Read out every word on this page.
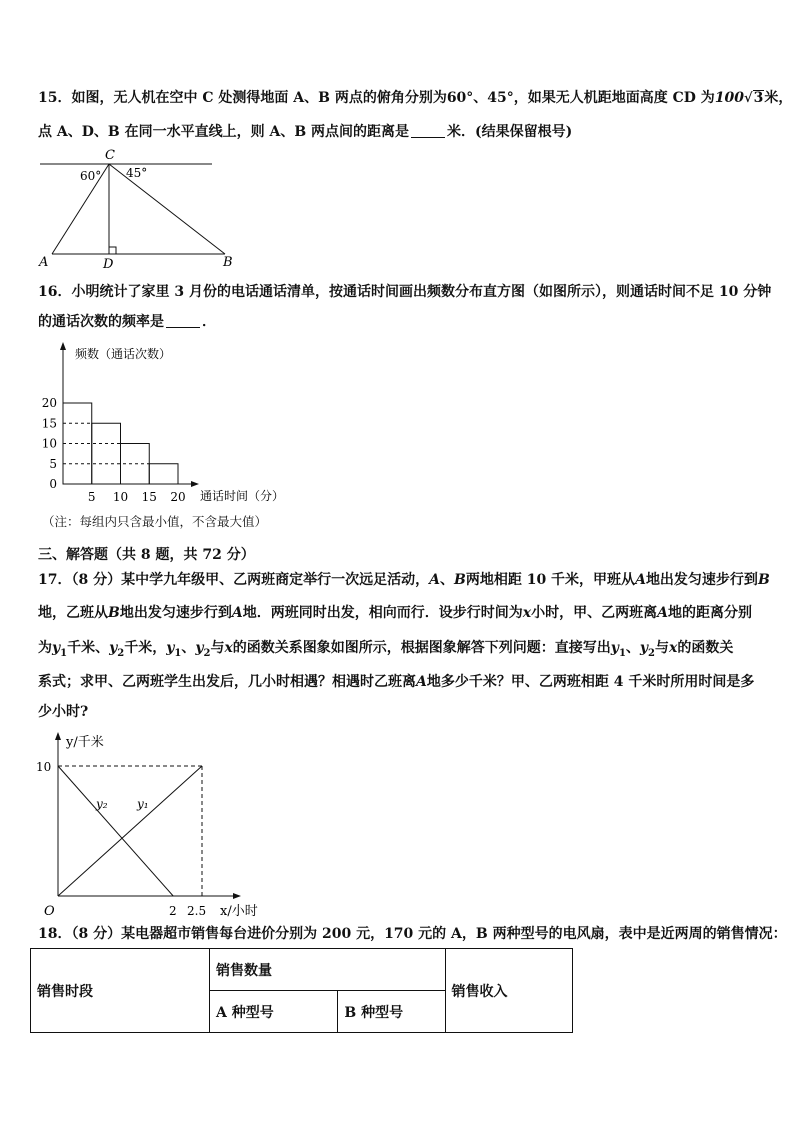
15．如图，无人机在空中 C 处测得地面 A、B 两点的俯角分别为60°、45°，如果无人机距地面高度 CD 为100√3米，
点 A、D、B 在同一水平直线上，则 A、B 两点间的距离是	米．(结果保留根号)
C
60° 45°
A	D	B
16．小明统计了家里 3 月份的电话通话清单，按通话时间画出频数分布直方图（如图所示），则通话时间不足 10 分钟
的通话次数的频率是	．
频数（通话次数）
通话时间（分）
0
5
10
15
20
5 10 15 20
（注：每组内只含最小值，不含最大值）
三、解答题（共 8 题，共 72 分）
17．（8 分）某中学九年级甲、乙两班商定举行一次远足活动，A、B两地相距 10 千米，甲班从A地出发匀速步行到B
地，乙班从B地出发匀速步行到A地．两班同时出发，相向而行．设步行时间为x小时，甲、乙两班离A地的距离分别
为$y_1$千米、$y_2$千米，$y_1$、$y_2$与x的函数关系图象如图所示，根据图象解答下列问题：直接写出$y_1$、$y_2$与x的函数关
系式；求甲、乙两班学生出发后，几小时相遇？相遇时乙班离A地多少千米？甲、乙两班相距 4 千米时所用时间是多
少小时?
y/千米
x/小时
O
10
2 2.5
y₂ y₁
18．（8 分）某电器超市销售每台进价分别为 200 元，170 元的 A，B 两种型号的电风扇，表中是近两周的销售情况：
销售时段	销售数量		销售收入
	A 种型号	B 种型号	
